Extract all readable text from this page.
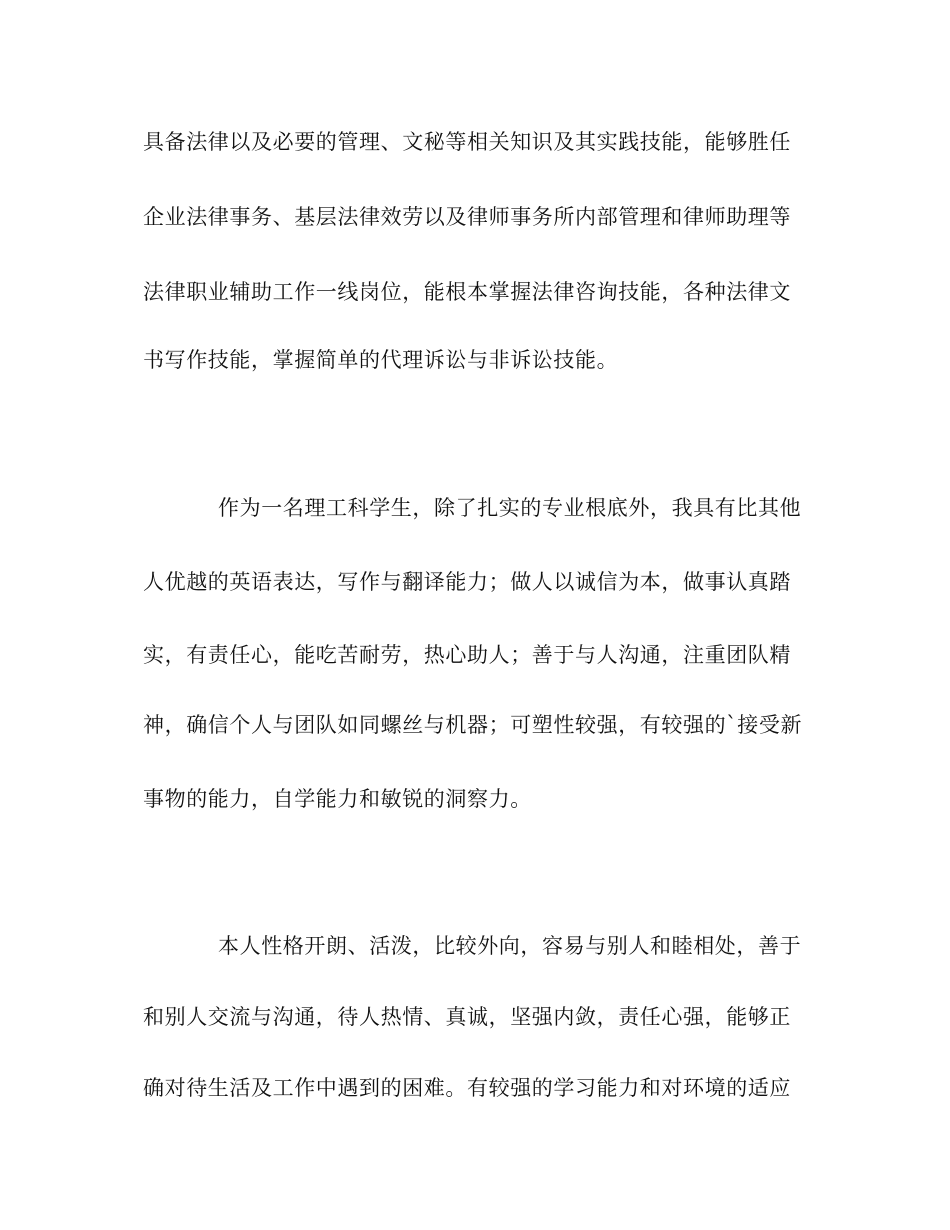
具备法律以及必要的管理、文秘等相关知识及其实践技能，能够胜任
企业法律事务、基层法律效劳以及律师事务所内部管理和律师助理等
法律职业辅助工作一线岗位，能根本掌握法律咨询技能，各种法律文
书写作技能，掌握简单的代理诉讼与非诉讼技能。
作为一名理工科学生，除了扎实的专业根底外，我具有比其他
人优越的英语表达，写作与翻译能力；做人以诚信为本，做事认真踏
实，有责任心，能吃苦耐劳，热心助人；善于与人沟通，注重团队精
神，确信个人与团队如同螺丝与机器；可塑性较强，有较强的`接受新
事物的能力，自学能力和敏锐的洞察力。
本人性格开朗、活泼，比较外向，容易与别人和睦相处，善于
和别人交流与沟通，待人热情、真诚，坚强内敛，责任心强，能够正
确对待生活及工作中遇到的困难。有较强的学习能力和对环境的适应
